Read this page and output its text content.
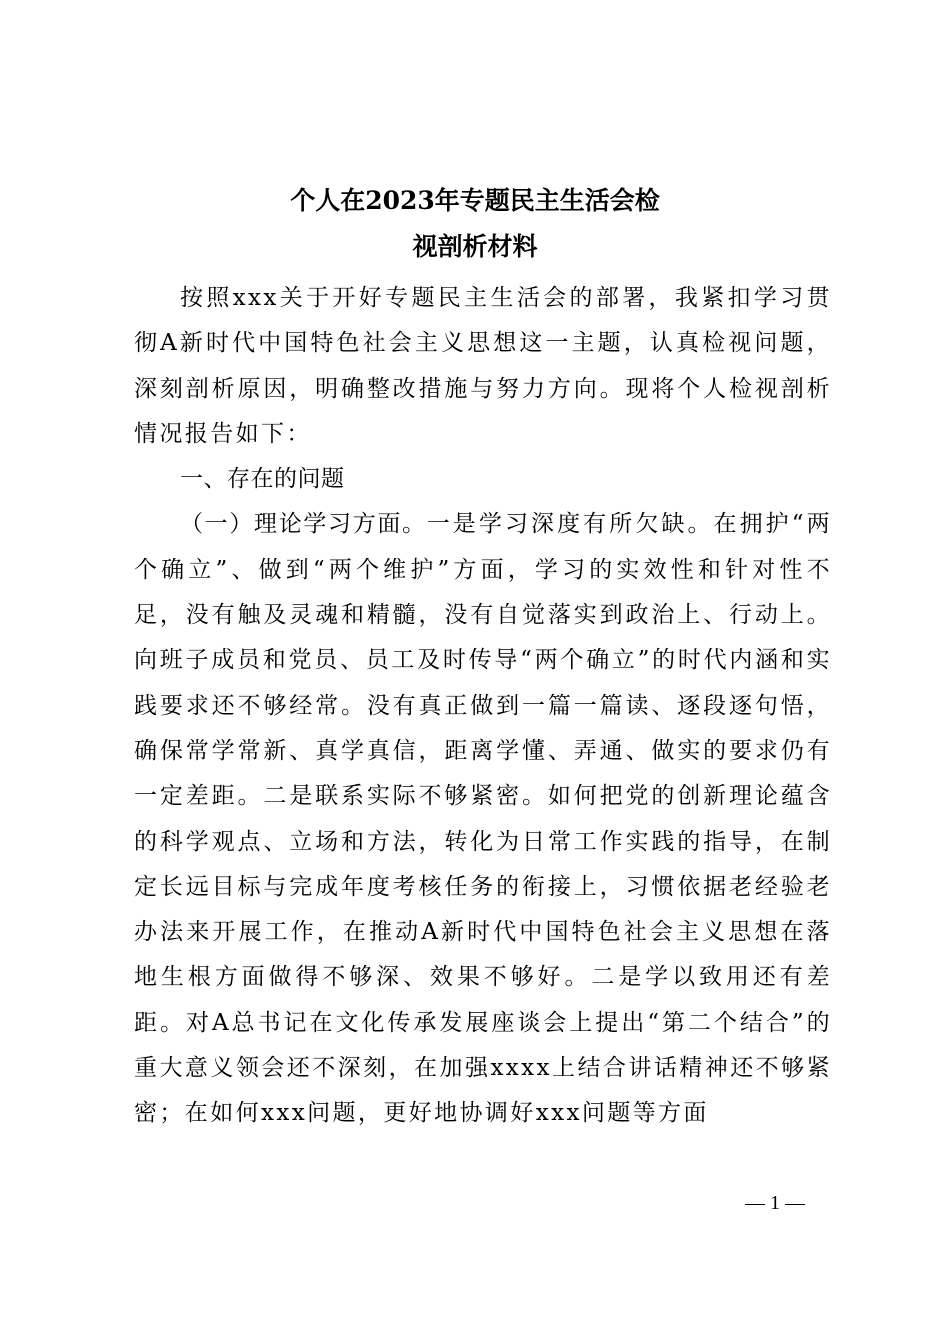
个人在2023年专题民主生活会检
视剖析材料

按照xxx关于开好专题民主生活会的部署，我紧扣学习贯彻A新时代中国特色社会主义思想这一主题，认真检视问题，深刻剖析原因，明确整改措施与努力方向。现将个人检视剖析情况报告如下：

一、存在的问题

（一）理论学习方面。一是学习深度有所欠缺。在拥护“两个确立”、做到“两个维护”方面，学习的实效性和针对性不足，没有触及灵魂和精髓，没有自觉落实到政治上、行动上。向班子成员和党员、员工及时传导“两个确立”的时代内涵和实践要求还不够经常。没有真正做到一篇一篇读、逐段逐句悟，确保常学常新、真学真信，距离学懂、弄通、做实的要求仍有一定差距。二是联系实际不够紧密。如何把党的创新理论蕴含的科学观点、立场和方法，转化为日常工作实践的指导，在制定长远目标与完成年度考核任务的衔接上，习惯依据老经验老办法来开展工作，在推动A新时代中国特色社会主义思想在落地生根方面做得不够深、效果不够好。二是学以致用还有差距。对A总书记在文化传承发展座谈会上提出“第二个结合”的重大意义领会还不深刻，在加强xxxx上结合讲话精神还不够紧密；在如何xxx问题，更好地协调好xxx问题等方面

— 1 —
